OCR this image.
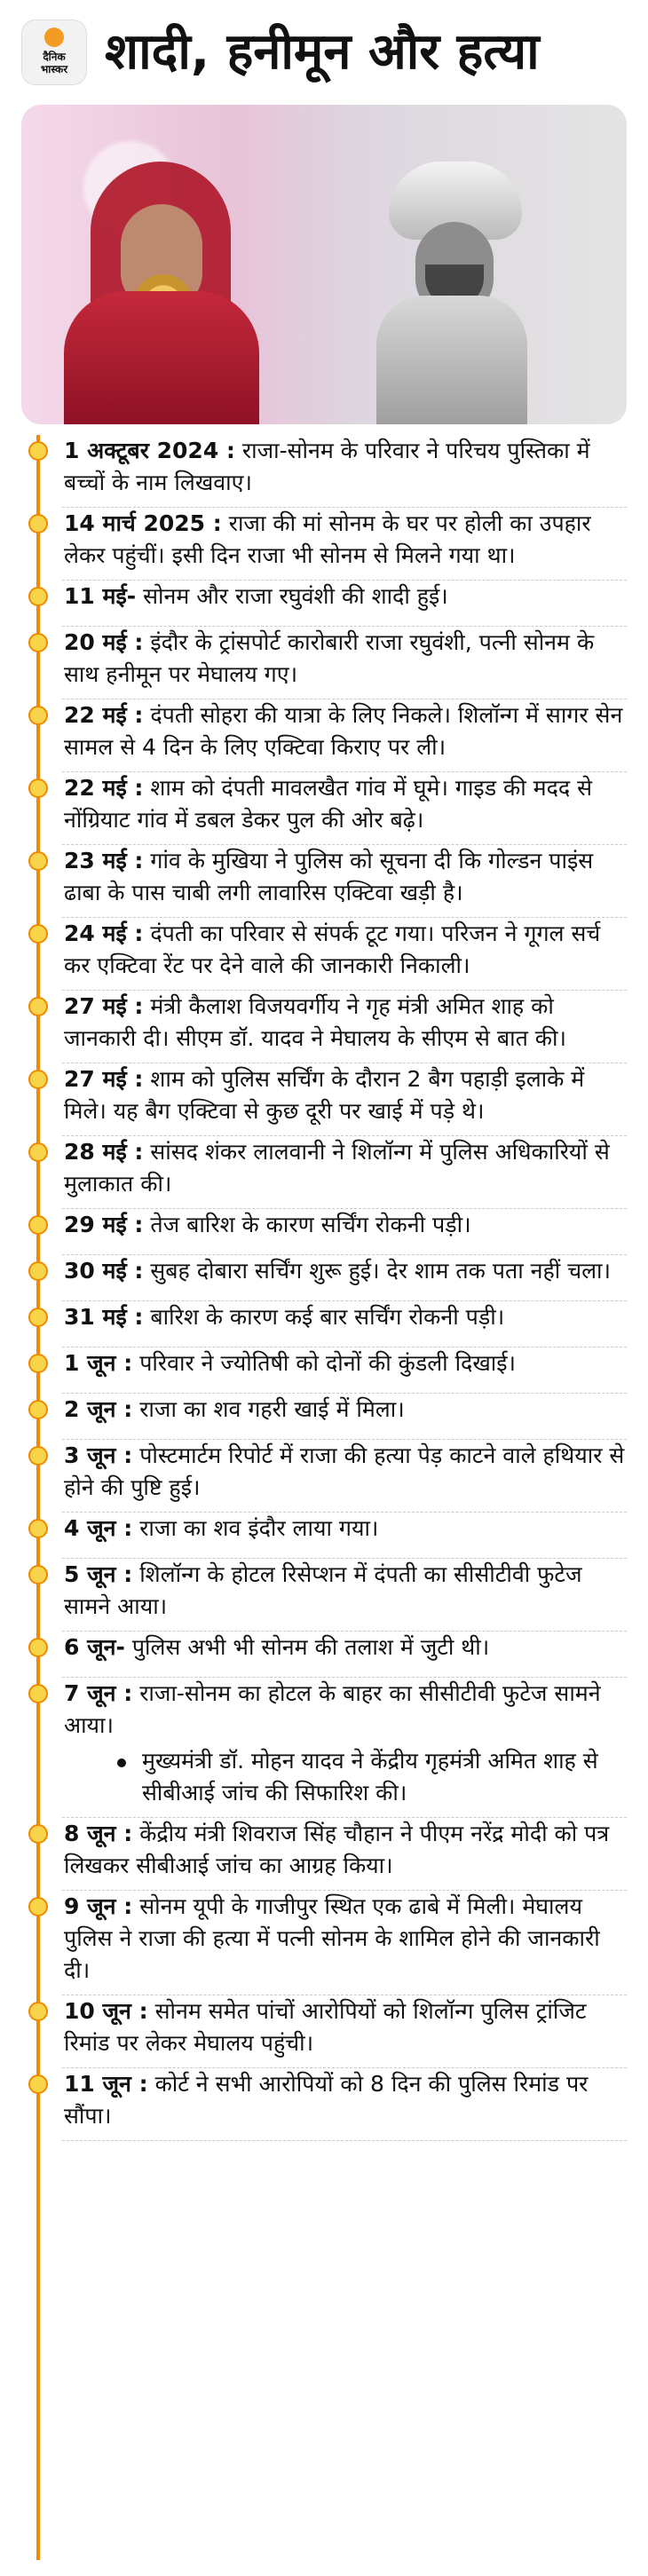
दैनिक
भास्कर शादी, हनीमून और हत्या

1 अक्टूबर 2024 : राजा-सोनम के परिवार ने परिचय पुस्तिका में बच्चों के नाम लिखवाए।

14 मार्च 2025 : राजा की मां सोनम के घर पर होली का उपहार लेकर पहुंचीं। इसी दिन राजा भी सोनम से मिलने गया था।

11 मई- सोनम और राजा रघुवंशी की शादी हुई।

20 मई : इंदौर के ट्रांसपोर्ट कारोबारी राजा रघुवंशी, पत्नी सोनम के साथ हनीमून पर मेघालय गए।

22 मई : दंपती सोहरा की यात्रा के लिए निकले। शिलॉन्ग में सागर सेन सामल से 4 दिन के लिए एक्टिवा किराए पर ली।

22 मई : शाम को दंपती मावलखैत गांव में घूमे। गाइड की मदद से नोंग्रियाट गांव में डबल डेकर पुल की ओर बढ़े।

23 मई : गांव के मुखिया ने पुलिस को सूचना दी कि गोल्डन पाइंस ढाबा के पास चाबी लगी लावारिस एक्टिवा खड़ी है।

24 मई : दंपती का परिवार से संपर्क टूट गया। परिजन ने गूगल सर्च कर एक्टिवा रेंट पर देने वाले की जानकारी निकाली।

27 मई : मंत्री कैलाश विजयवर्गीय ने गृह मंत्री अमित शाह को जानकारी दी। सीएम डॉ. यादव ने मेघालय के सीएम से बात की।

27 मई : शाम को पुलिस सर्चिंग के दौरान 2 बैग पहाड़ी इलाके में मिले। यह बैग एक्टिवा से कुछ दूरी पर खाई में पड़े थे।

28 मई : सांसद शंकर लालवानी ने शिलॉन्ग में पुलिस अधिकारियों से मुलाकात की।

29 मई : तेज बारिश के कारण सर्चिंग रोकनी पड़ी।

30 मई : सुबह दोबारा सर्चिंग शुरू हुई। देर शाम तक पता नहीं चला।

31 मई : बारिश के कारण कई बार सर्चिंग रोकनी पड़ी।

1 जून : परिवार ने ज्योतिषी को दोनों की कुंडली दिखाई।

2 जून : राजा का शव गहरी खाई में मिला।

3 जून : पोस्टमार्टम रिपोर्ट में राजा की हत्या पेड़ काटने वाले हथियार से होने की पुष्टि हुई।

4 जून : राजा का शव इंदौर लाया गया।

5 जून : शिलॉन्ग के होटल रिसेप्शन में दंपती का सीसीटीवी फुटेज सामने आया।

6 जून- पुलिस अभी भी सोनम की तलाश में जुटी थी।

7 जून : राजा-सोनम का होटल के बाहर का सीसीटीवी फुटेज सामने आया।

मुख्यमंत्री डॉ. मोहन यादव ने केंद्रीय गृहमंत्री अमित शाह से सीबीआई जांच की सिफारिश की।

8 जून : केंद्रीय मंत्री शिवराज सिंह चौहान ने पीएम नरेंद्र मोदी को पत्र लिखकर सीबीआई जांच का आग्रह किया।

9 जून : सोनम यूपी के गाजीपुर स्थित एक ढाबे में मिली। मेघालय पुलिस ने राजा की हत्या में पत्नी सोनम के शामिल होने की जानकारी दी।

10 जून : सोनम समेत पांचों आरोपियों को शिलॉन्ग पुलिस ट्रांजिट रिमांड पर लेकर मेघालय पहुंची।

11 जून : कोर्ट ने सभी आरोपियों को 8 दिन की पुलिस रिमांड पर सौंपा।
